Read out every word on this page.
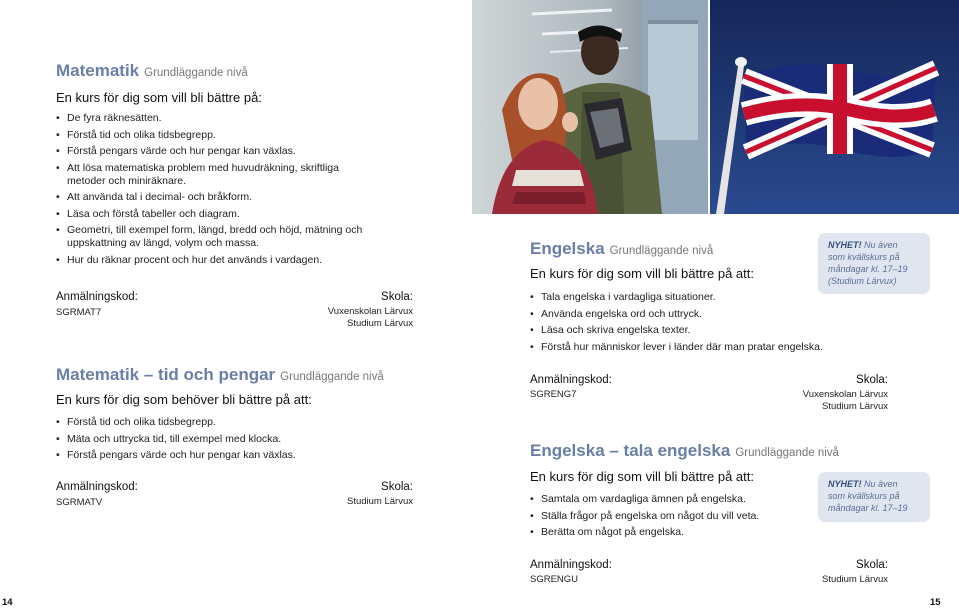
Matematik Grundläggande nivå
En kurs för dig som vill bli bättre på:
• De fyra räknesätten.
• Förstå tid och olika tidsbegrepp.
• Förstå pengars värde och hur pengar kan växlas.
• Att lösa matematiska problem med huvudräkning, skriftliga metoder och miniräknare.
• Att använda tal i decimal- och bråkform.
• Läsa och förstå tabeller och diagram.
• Geometri, till exempel form, längd, bredd och höjd, mätning och uppskattning av längd, volym och massa.
• Hur du räknar procent och hur det används i vardagen.
Anmälningskod:
SGRMAT7
Skola:
Vuxenskolan Lärvux
Studium Lärvux
Matematik – tid och pengar Grundläggande nivå
En kurs för dig som behöver bli bättre på att:
• Förstå tid och olika tidsbegrepp.
• Mäta och uttrycka tid, till exempel med klocka.
• Förstå pengars värde och hur pengar kan växlas.
Anmälningskod:
SGRMATV
Skola:
Studium Lärvux
14
Engelska Grundläggande nivå
En kurs för dig som vill bli bättre på att:
• Tala engelska i vardagliga situationer.
• Använda engelska ord och uttryck.
• Läsa och skriva engelska texter.
• Förstå hur människor lever i länder där man pratar engelska.
NYHET! Nu även
som kvällskurs på
måndagar kl. 17–19
(Studium Lärvux)
Anmälningskod:
SGRENG7
Skola:
Vuxenskolan Lärvux
Studium Lärvux
Engelska – tala engelska Grundläggande nivå
En kurs för dig som vill bli bättre på att:
• Samtala om vardagliga ämnen på engelska.
• Ställa frågor på engelska om något du vill veta.
• Berätta om något på engelska.
NYHET! Nu även
som kvällskurs på
måndagar kl. 17–19
Anmälningskod:
SGRENGU
Skola:
Studium Lärvux
15
